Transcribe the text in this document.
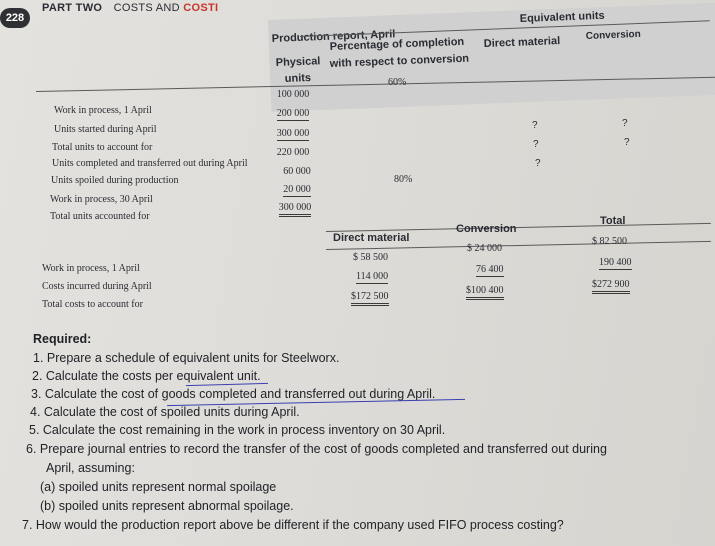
228
PART TWO COSTS AND COSTI
Production report, April
Equivalent units
Physical
Percentage of completion
with respect to conversion
Direct material	Conversion
units
Work in process, 1 April
Units started during April
Total units to account for
Units completed and transferred out during April
Units spoiled during production
Work in process, 30 April
Total units accounted for
100 000
200 000
300 000
220 000
60 000
20 000
300 000
60%
80%
?
?
?
?
?
Direct material
Conversion
Total
Work in process, 1 April
Costs incurred during April
Total costs to account for
$ 58 500
114 000
$172 500
$ 24 000
76 400
$100 400
$ 82 500
190 400
$272 900
Required:
1. Prepare a schedule of equivalent units for Steelworx.
2. Calculate the costs per equivalent unit.
3. Calculate the cost of goods completed and transferred out during April.
4. Calculate the cost of spoiled units during April.
5. Calculate the cost remaining in the work in process inventory on 30 April.
6. Prepare journal entries to record the transfer of the cost of goods completed and transferred out during
April, assuming:
(a) spoiled units represent normal spoilage
(b) spoiled units represent abnormal spoilage.
7. How would the production report above be different if the company used FIFO process costing?
